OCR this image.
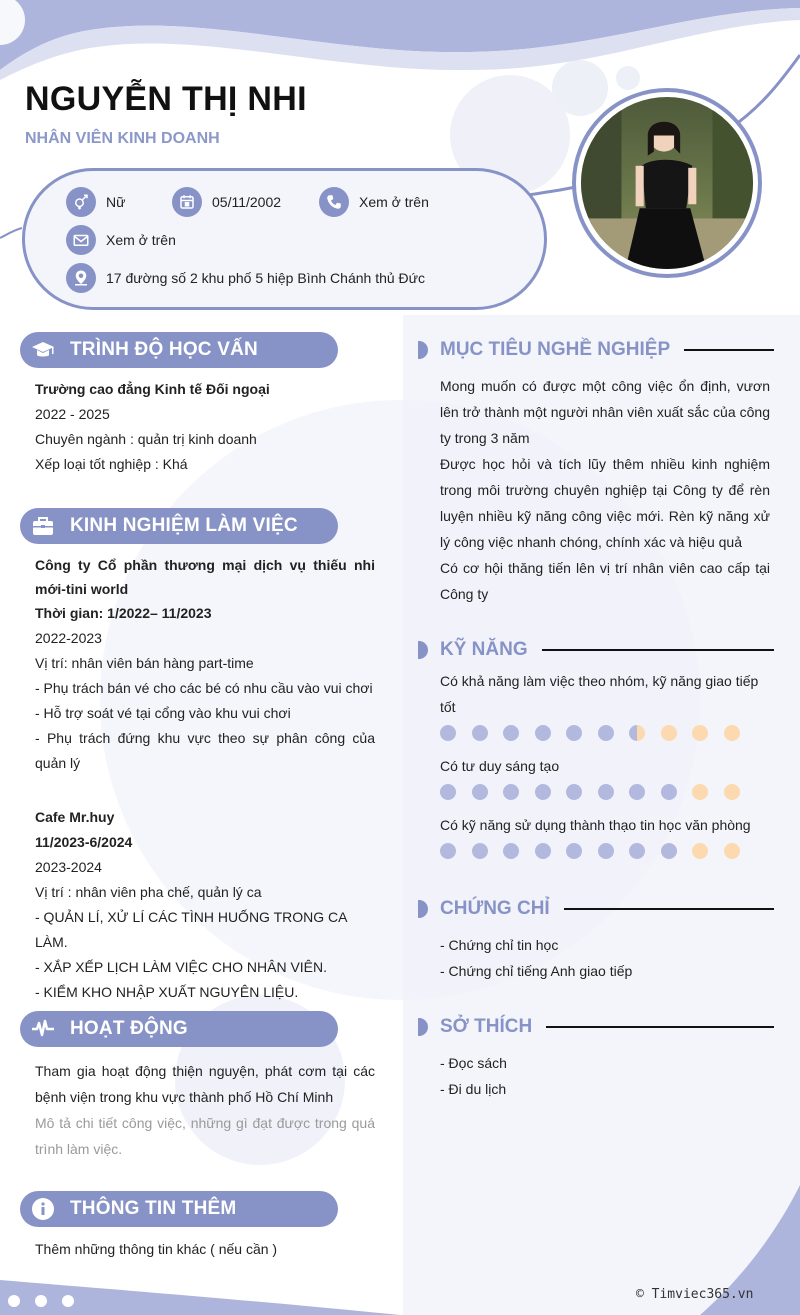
NGUYỄN THỊ NHI
NHÂN VIÊN KINH DOANH
Nữ	05/11/2002	Xem ở trên
Xem ở trên
17 đường số 2 khu phố 5 hiệp Bình Chánh thủ Đức
TRÌNH ĐỘ HỌC VẤN
Trường cao đẳng Kinh tế Đối ngoại
2022 - 2025
Chuyên ngành : quản trị kinh doanh
Xếp loại tốt nghiệp : Khá
KINH NGHIỆM LÀM VIỆC
Công ty Cổ phần thương mại dịch vụ thiếu nhi mới-tini world
Thời gian: 1/2022– 11/2023
2022-2023
Vị trí: nhân viên bán hàng part-time
- Phụ trách bán vé cho các bé có nhu cầu vào vui chơi
- Hỗ trợ soát vé tại cổng vào khu vui chơi
- Phụ trách đứng khu vực theo sự phân công của quản lý
Cafe Mr.huy
11/2023-6/2024
2023-2024
Vị trí : nhân viên pha chế, quản lý ca
- QUẢN LÍ, XỬ LÍ CÁC TÌNH HUỐNG TRONG CA LÀM.
- XẮP XẾP LỊCH LÀM VIỆC CHO NHÂN VIÊN.
- KIỂM KHO NHẬP XUẤT NGUYÊN LIỆU.
HOẠT ĐỘNG
Tham gia hoạt động thiện nguyện, phát cơm tại các bệnh viện trong khu vực thành phố Hồ Chí Minh
Mô tả chi tiết công việc, những gì đạt được trong quá trình làm việc.
THÔNG TIN THÊM
Thêm những thông tin khác ( nếu cần )
MỤC TIÊU NGHỀ NGHIỆP
Mong muốn có được một công việc ổn định, vươn lên trở thành một người nhân viên xuất sắc của công ty trong 3 năm
Được học hỏi và tích lũy thêm nhiều kinh nghiệm trong môi trường chuyên nghiệp tại Công ty để rèn luyện nhiều kỹ năng công việc mới. Rèn kỹ năng xử lý công việc nhanh chóng, chính xác và hiệu quả
Có cơ hội thăng tiến lên vị trí nhân viên cao cấp tại Công ty
KỸ NĂNG
Có khả năng làm việc theo nhóm, kỹ năng giao tiếp tốt
Có tư duy sáng tạo
Có kỹ năng sử dụng thành thạo tin học văn phòng
CHỨNG CHỈ
- Chứng chỉ tin học
- Chứng chỉ tiếng Anh giao tiếp
SỞ THÍCH
- Đọc sách
- Đi du lịch
© Timviec365.vn
